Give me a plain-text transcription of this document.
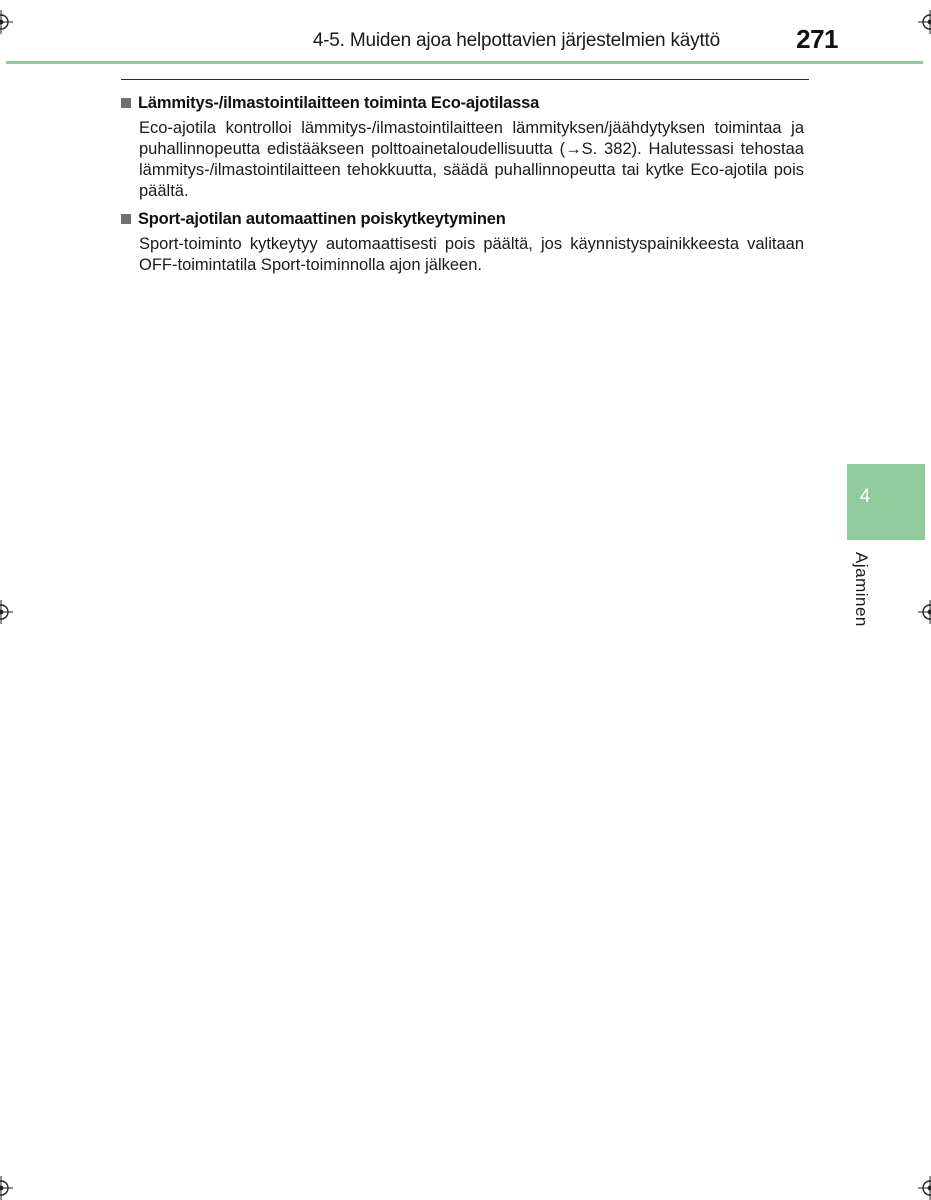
4-5. Muiden ajoa helpottavien järjestelmien käyttö	271
Lämmitys-/ilmastointilaitteen toiminta Eco-ajotilassa
Eco-ajotila kontrolloi lämmitys-/ilmastointilaitteen lämmityksen/jäähdytyksen toimintaa ja puhallinnopeutta edistääkseen polttoainetaloudellisuutta (→S. 382). Halutessasi tehostaa lämmitys-/ilmastointilaitteen tehokkuutta, säädä puhallinnopeutta tai kytke Eco-ajotila pois päältä.
Sport-ajotilan automaattinen poiskytkeytyminen
Sport-toiminto kytkeytyy automaattisesti pois päältä, jos käynnistyspainikkeesta valitaan OFF-toimintatila Sport-toiminnolla ajon jälkeen.
4
Ajaminen
